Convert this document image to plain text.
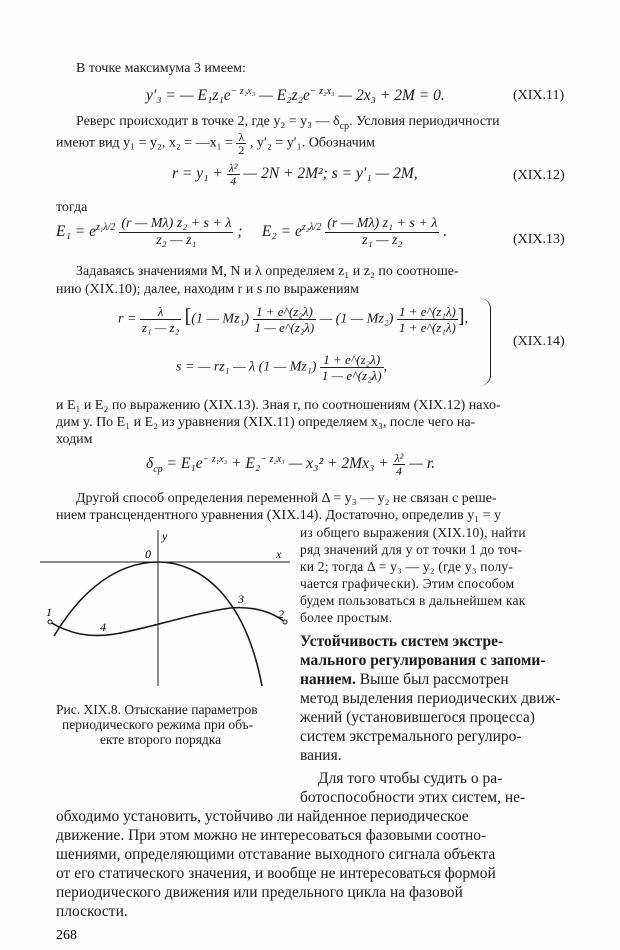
В точке максимума 3 имеем:
y′₃ = — $E_1z_1e^{- z_1x_3}$ — $E_2z_2e^{- z_2x_3}$ — 2x₃ + 2M = 0.	(XIX.11)
Реверс происходит в точке 2, где y₂ = y₃ — $\delta_{cp}$. Условия периодичности
имеют вид y₁ = y₂, x₂ = —x₁ = $\frac{\lambda}{2}$ , y′₂ = y′₁. Обозначим
$r = y_1 + \frac{\text{λ²}}{4}$ — 2N + 2M²; s = y′₁ — 2M,	(XIX.12)
тогда
$E_1 = e^{z_1\lambda/2} \frac{\text{(r — Mλ) z₂ + s + λ}}{\text{z₂ — z₁}}$ ;     $E_2 = e^{z_2\lambda/2} \frac{\text{(r — Mλ) z₁ + s + λ}}{\text{z₁ — z₂}}$ .	(XIX.13)
Задаваясь значениями M, N и λ определяем z₁ и z₂ по соотноше-
нию (XIX.10); далее, находим r и s по выражениям
$r = \frac{\lambda}{\text{z₁ — z₂}} [(1$ — $Mz_1) \frac{\text{1 + e\textasciicircum{}(z₂λ)}}{\text{1 — e\textasciicircum{}(z₂λ)}}$ — (1 — $Mz_2) \frac{\text{1 + e\textasciicircum{}(z₁λ)}}{\text{1 + e\textasciicircum{}(z₁λ)}}$ ],
s = — rz₁ — λ (1 — $Mz_1) \frac{\text{1 + e\textasciicircum{}(z₂λ)}}{\text{1 — e\textasciicircum{}(z₂λ)}}$ ,
(XIX.14)
и E₁ и E₂ по выражению (XIX.13). Зная r, по соотношениям (XIX.12) нахо-
дим y. По E₁ и E₂ из уравнения (XIX.11) определяем x₃, после чего на-
ходим
$\delta_{cp} = E_1e^{- z_1x_3} + E_2^{- z_2x_3}$ — $x_3^2 + 2Mx_3 + \frac{\text{λ²}}{4}$ — r.
Другой способ определения переменной Δ = y₃ — y₂ не связан с реше-
нием трансцендентного уравнения (XIX.14). Достаточно, определив y₁ = y
из общего выражения (XIX.10), найти
ряд значений для y от точки 1 до точ-
ки 2; тогда Δ = y₃ — y₂ (где y₃ полу-
чается графически). Этим способом
будем пользоваться в дальнейшем как
более простым.
y
x
0
1	2
3
4
Рис. XIX.8. Отыскание параметров
периодического режима при объ-
екте второго порядка
Устойчивость систем экстре-
мального регулирования с запоми-
нанием. Выше был рассмотрен
метод выделения периодических движ-
жений (установившегося процесса)
систем экстремального регулиро-
вания.
Для того чтобы судить о ра-
ботоспособности этих систем, не-
обходимо установить, устойчиво ли найденное периодическое
движение. При этом можно не интересоваться фазовыми соотно-
шениями, определяющими отставание выходного сигнала объекта
от его статического значения, и вообще не интересоваться формой
периодического движения или предельного цикла на фазовой
плоскости.
268
